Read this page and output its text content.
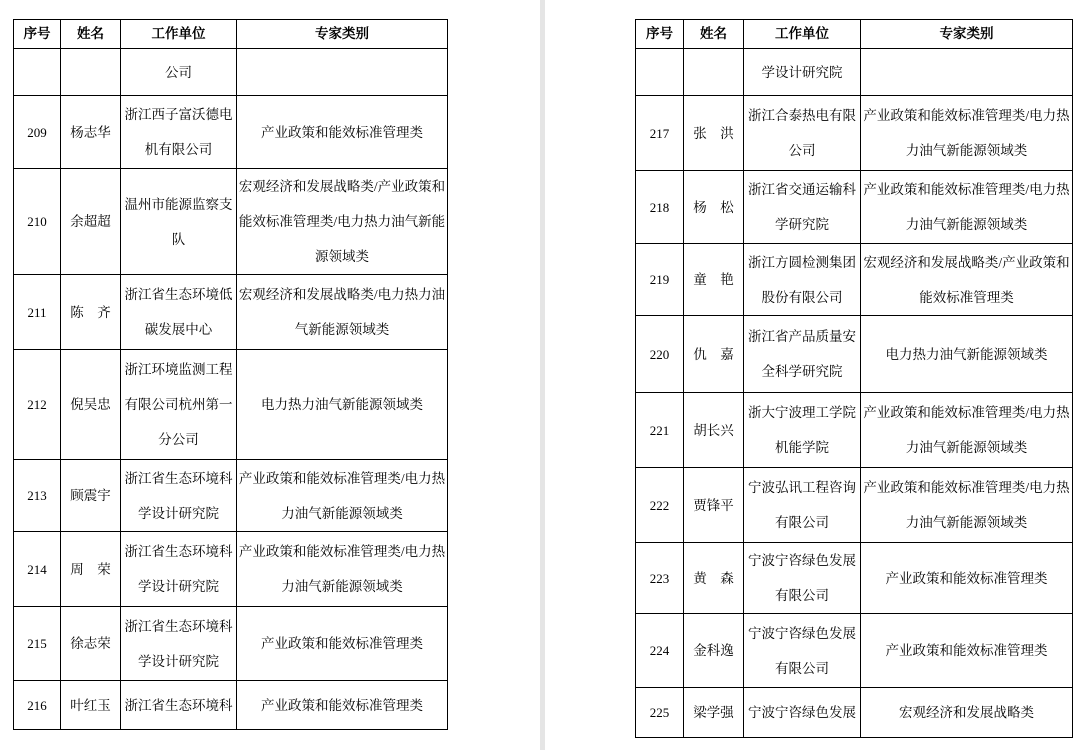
序号	姓名	工作单位	专家类别
		公司	
209	杨志华	浙江西子富沃德电机有限公司	产业政策和能效标准管理类
210	余超超	温州市能源监察支队	宏观经济和发展战略类/产业政策和能效标准管理类/电力热力油气新能源领域类
211	陈　齐	浙江省生态环境低碳发展中心	宏观经济和发展战略类/电力热力油气新能源领域类
212	倪吴忠	浙江环境监测工程有限公司杭州第一分公司	电力热力油气新能源领域类
213	顾震宇	浙江省生态环境科学设计研究院	产业政策和能效标准管理类/电力热力油气新能源领域类
214	周　荣	浙江省生态环境科学设计研究院	产业政策和能效标准管理类/电力热力油气新能源领域类
215	徐志荣	浙江省生态环境科学设计研究院	产业政策和能效标准管理类
216	叶红玉	浙江省生态环境科	产业政策和能效标准管理类
序号	姓名	工作单位	专家类别
		学设计研究院	
217	张　洪	浙江合泰热电有限公司	产业政策和能效标准管理类/电力热力油气新能源领域类
218	杨　松	浙江省交通运输科学研究院	产业政策和能效标准管理类/电力热力油气新能源领域类
219	童　艳	浙江方圆检测集团股份有限公司	宏观经济和发展战略类/产业政策和能效标准管理类
220	仇　嘉	浙江省产品质量安全科学研究院	电力热力油气新能源领域类
221	胡长兴	浙大宁波理工学院机能学院	产业政策和能效标准管理类/电力热力油气新能源领域类
222	贾锋平	宁波弘讯工程咨询有限公司	产业政策和能效标准管理类/电力热力油气新能源领域类
223	黄　森	宁波宁咨绿色发展有限公司	产业政策和能效标准管理类
224	金科逸	宁波宁咨绿色发展有限公司	产业政策和能效标准管理类
225	梁学强	宁波宁咨绿色发展	宏观经济和发展战略类
